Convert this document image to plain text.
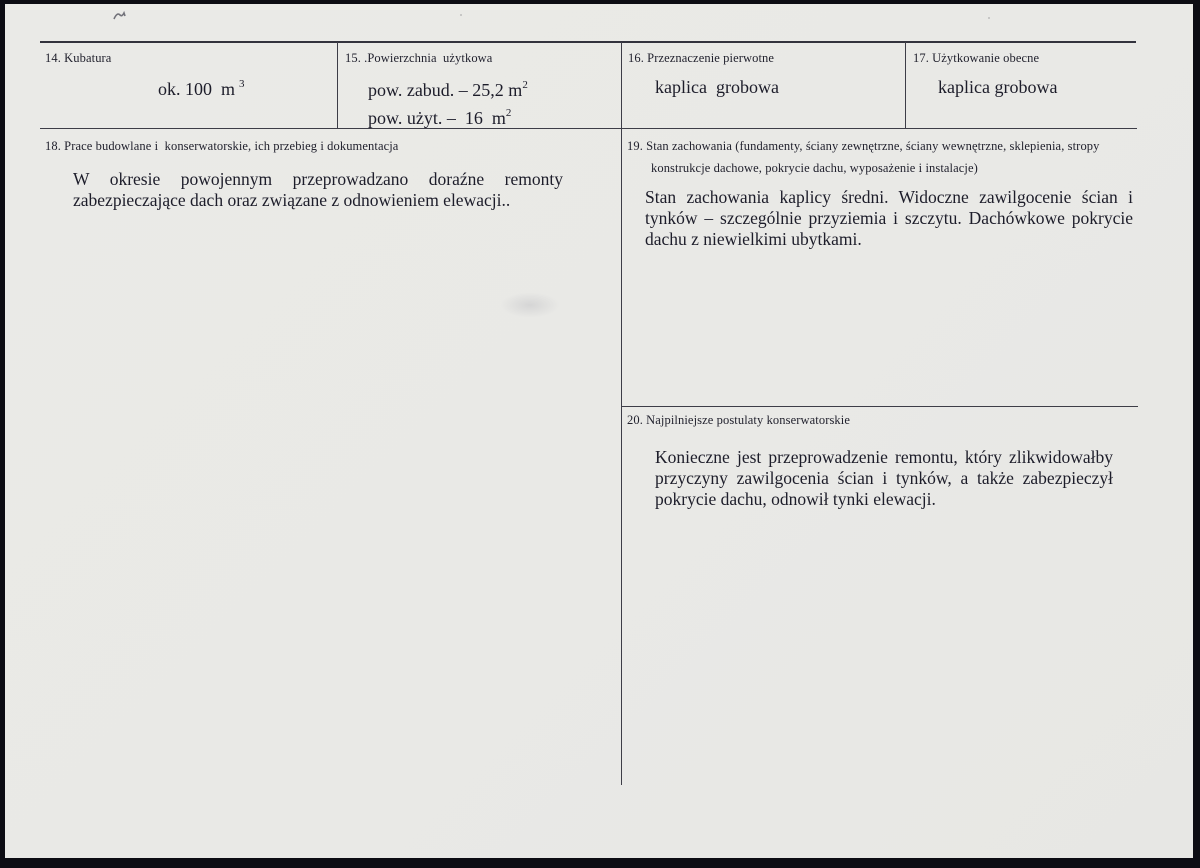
14. Kubatura
ok. 100  m $^3$
15. .Powierzchnia  użytkowa
pow. zabud. – 25,2 $m^2$
pow. użyt. –  16  $m^2$
16. Przeznaczenie pierwotne
kaplica  grobowa
17. Użytkowanie obecne
kaplica grobowa
18. Prace budowlane i  konserwatorskie, ich przebieg i dokumentacja
W okresie powojennym przeprowadzano doraźne remonty
zabezpieczające dach oraz związane z odnowieniem elewacji..
19. Stan zachowania (fundamenty, ściany zewnętrzne, ściany wewnętrzne, sklepienia, stropy
konstrukcje dachowe, pokrycie dachu, wyposażenie i instalacje)
Stan zachowania kaplicy średni. Widoczne zawilgocenie ścian i
tynków – szczególnie przyziemia i szczytu. Dachówkowe pokrycie
dachu z niewielkimi ubytkami.
20. Najpilniejsze postulaty konserwatorskie
Konieczne jest przeprowadzenie remontu, który zlikwidowałby
przyczyny zawilgocenia ścian i tynków, a także zabezpieczył
pokrycie dachu, odnowił tynki elewacji.
